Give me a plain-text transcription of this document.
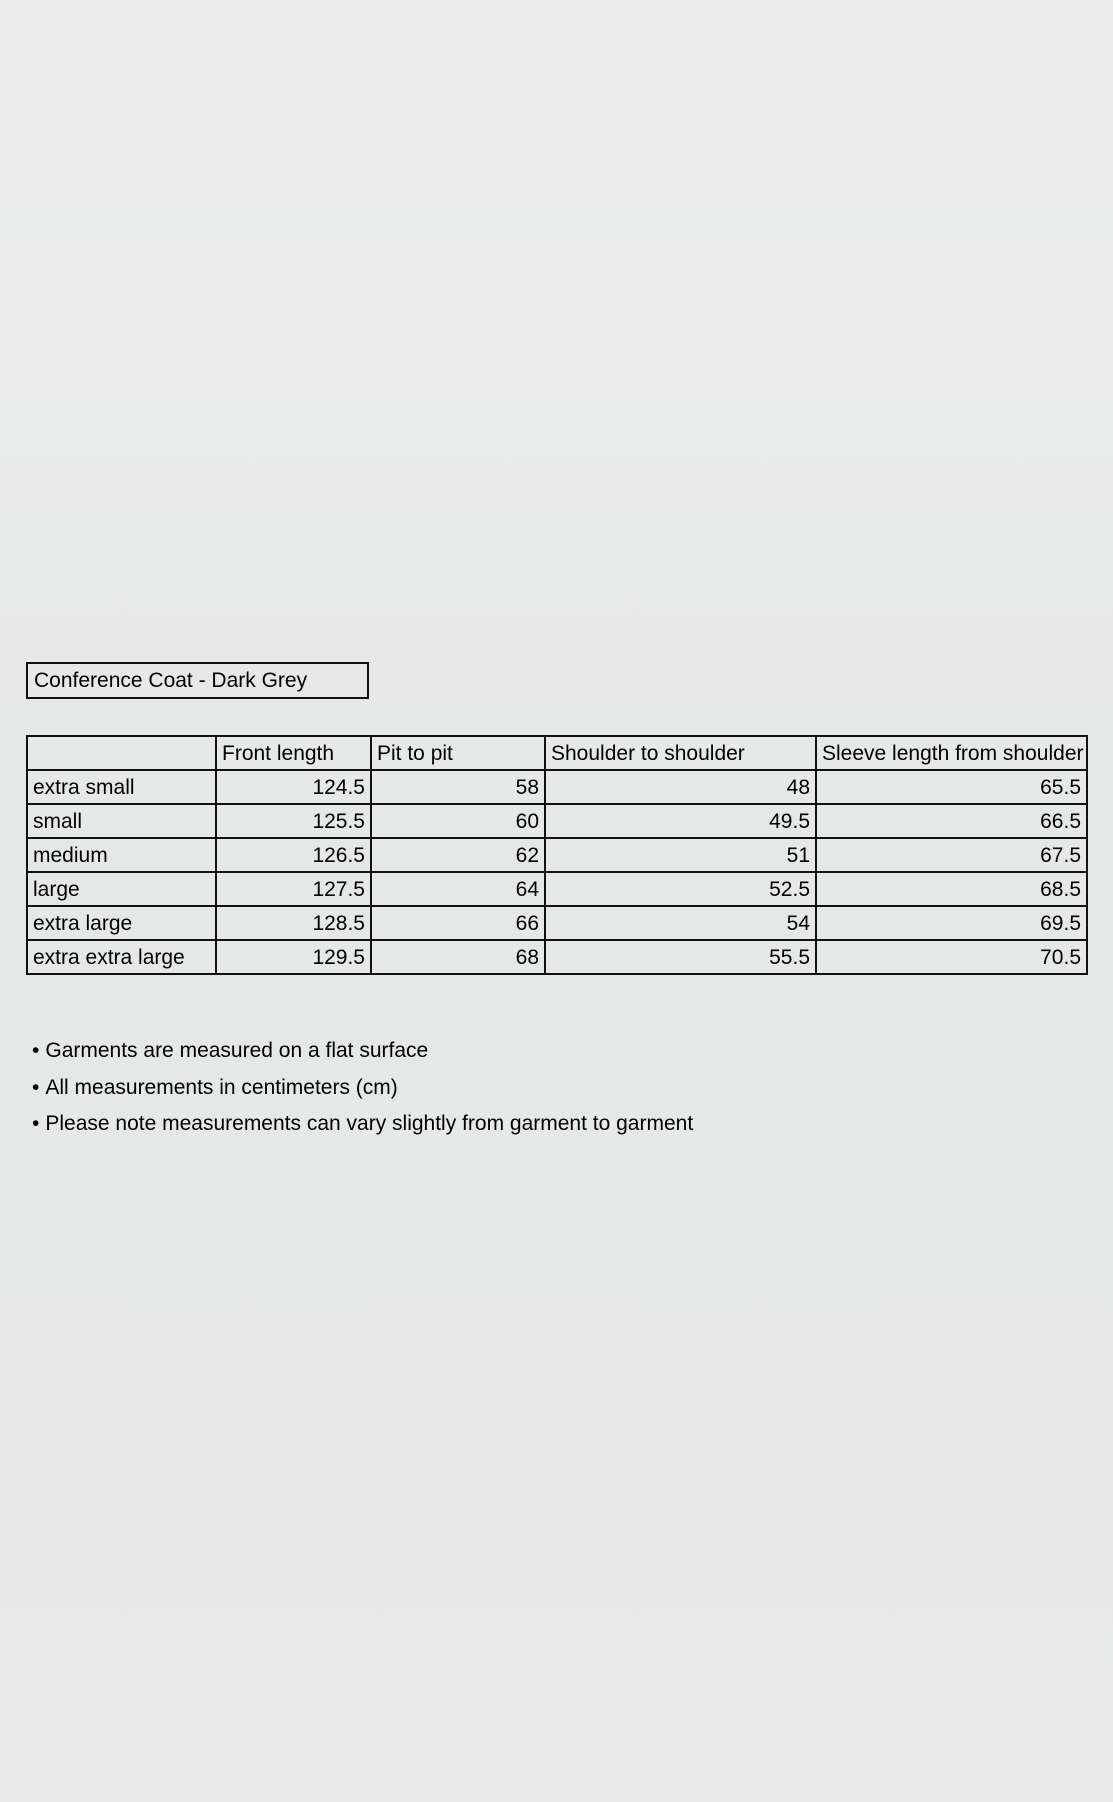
Conference Coat - Dark Grey
	Front length	Pit to pit	Shoulder to shoulder	Sleeve length from shoulder
extra small	124.5	58	48	65.5
small	125.5	60	49.5	66.5
medium	126.5	62	51	67.5
large	127.5	64	52.5	68.5
extra large	128.5	66	54	69.5
extra extra large	129.5	68	55.5	70.5
• Garments are measured on a flat surface
• All measurements in centimeters (cm)
• Please note measurements can vary slightly from garment to garment
